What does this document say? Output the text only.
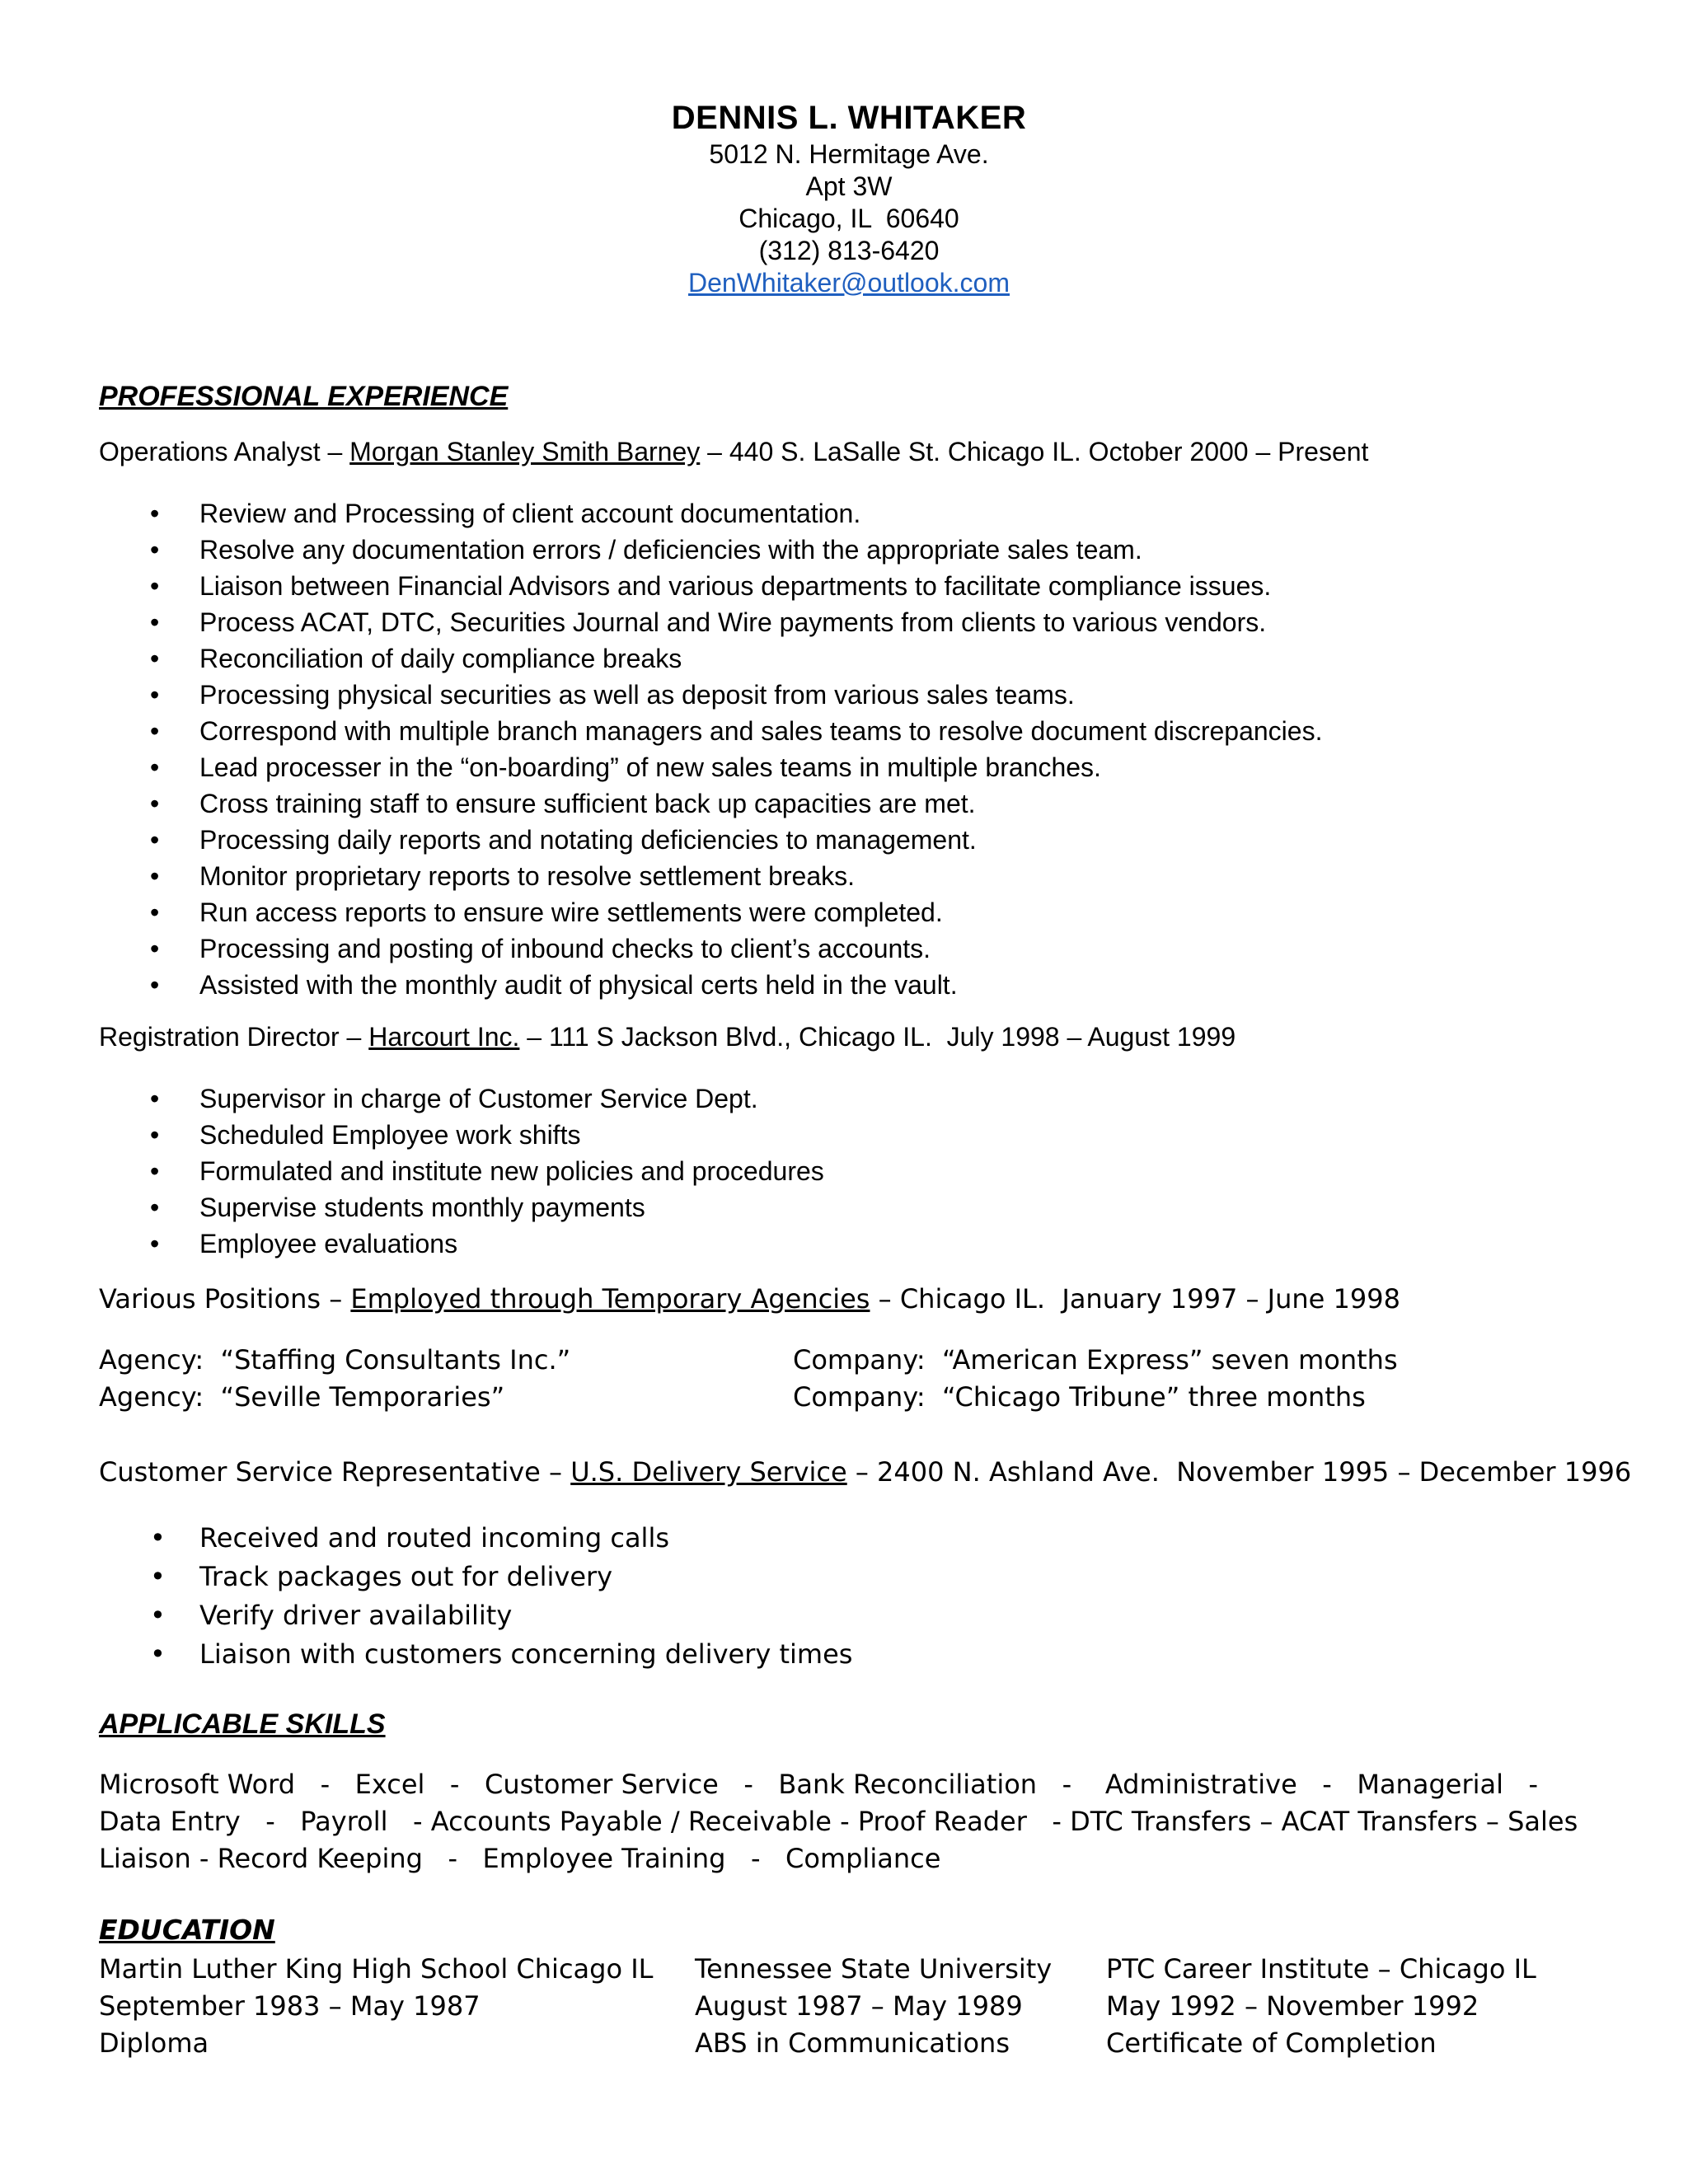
DENNIS L. WHITAKER
5012 N. Hermitage Ave.
Apt 3W
Chicago, IL  60640
(312) 813-6420
DenWhitaker@outlook.com
PROFESSIONAL EXPERIENCE
Operations Analyst – Morgan Stanley Smith Barney – 440 S. LaSalle St. Chicago IL. October 2000 – Present
• Review and Processing of client account documentation.
• Resolve any documentation errors / deficiencies with the appropriate sales team.
• Liaison between Financial Advisors and various departments to facilitate compliance issues.
• Process ACAT, DTC, Securities Journal and Wire payments from clients to various vendors.
• Reconciliation of daily compliance breaks
• Processing physical securities as well as deposit from various sales teams.
• Correspond with multiple branch managers and sales teams to resolve document discrepancies.
• Lead processer in the “on-boarding” of new sales teams in multiple branches.
• Cross training staff to ensure sufficient back up capacities are met.
• Processing daily reports and notating deficiencies to management.
• Monitor proprietary reports to resolve settlement breaks.
• Run access reports to ensure wire settlements were completed.
• Processing and posting of inbound checks to client’s accounts.
• Assisted with the monthly audit of physical certs held in the vault.
Registration Director – Harcourt Inc. – 111 S Jackson Blvd., Chicago IL.  July 1998 – August 1999
• Supervisor in charge of Customer Service Dept.
• Scheduled Employee work shifts
• Formulated and institute new policies and procedures
• Supervise students monthly payments
• Employee evaluations
Various Positions – Employed through Temporary Agencies – Chicago IL.  January 1997 – June 1998
Agency:  “Staffing Consultants Inc.”	Company:  “American Express” seven months
Agency:  “Seville Temporaries”	Company:  “Chicago Tribune” three months
Customer Service Representative – U.S. Delivery Service – 2400 N. Ashland Ave.  November 1995 – December 1996
• Received and routed incoming calls
• Track packages out for delivery
• Verify driver availability
• Liaison with customers concerning delivery times
APPLICABLE SKILLS
Microsoft Word   -   Excel   -   Customer Service   -   Bank Reconciliation   -    Administrative   -   Managerial   - Data Entry   -   Payroll   - Accounts Payable / Receivable - Proof Reader   - DTC Transfers – ACAT Transfers – Sales Liaison - Record Keeping   -   Employee Training   -   Compliance
EDUCATION
Martin Luther King High School Chicago IL
September 1983 – May 1987
Diploma
Tennessee State University
August 1987 – May 1989
ABS in Communications
PTC Career Institute – Chicago IL
May 1992 – November 1992
Certificate of Completion
